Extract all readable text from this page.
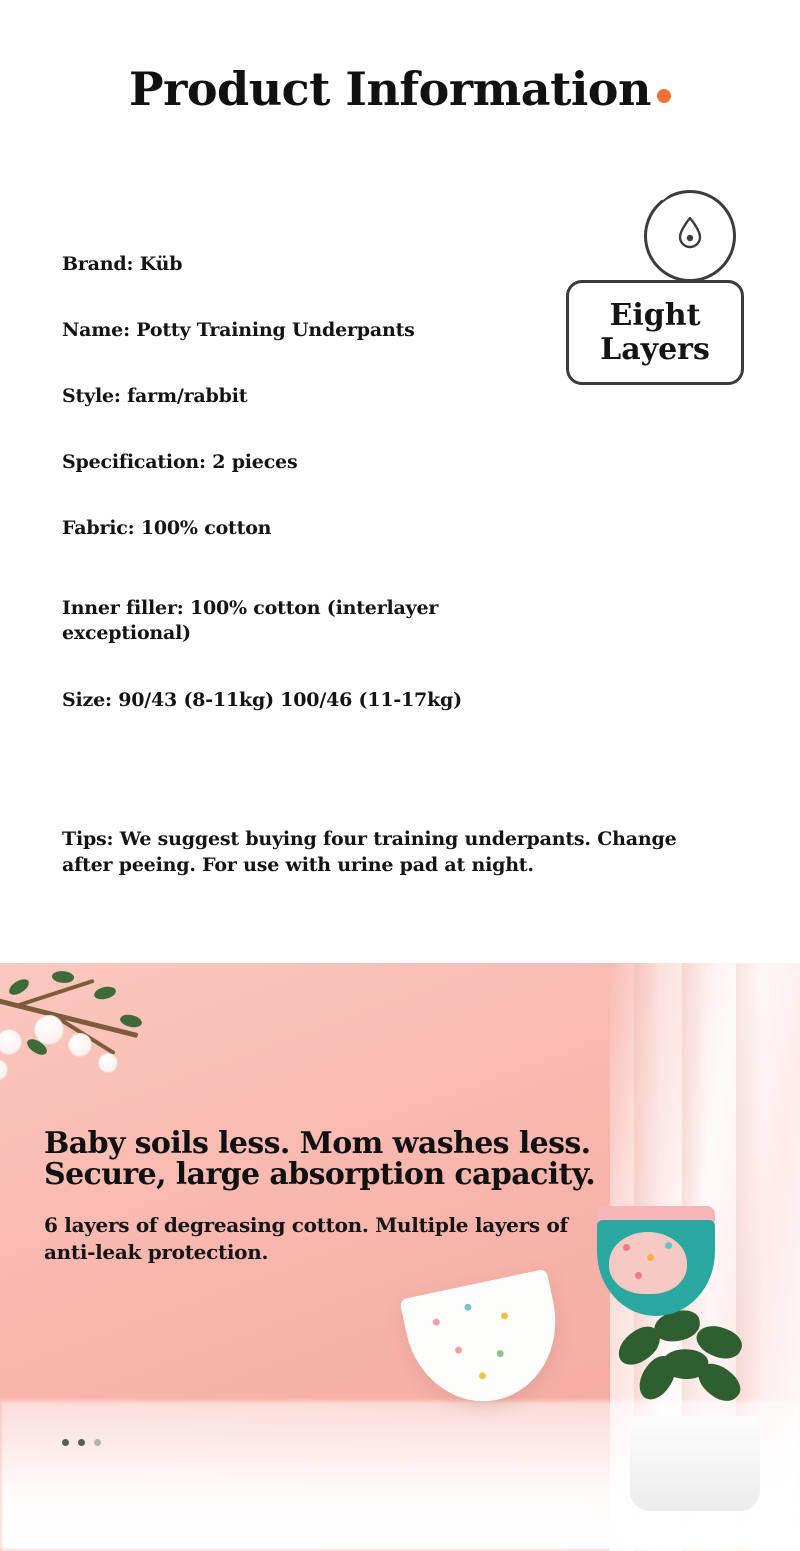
Product Information
Brand: Küb
Name: Potty Training Underpants
Style: farm/rabbit
Specification: 2 pieces
Fabric: 100% cotton
Inner filler: 100% cotton (interlayer exceptional)
Size: 90/43 (8-11kg) 100/46 (11-17kg)
Tips: We suggest buying four training underpants. Change after peeing. For use with urine pad at night.
Eight Layers
Baby soils less. Mom washes less. Secure, large absorption capacity.
6 layers of degreasing cotton. Multiple layers of anti-leak protection.
